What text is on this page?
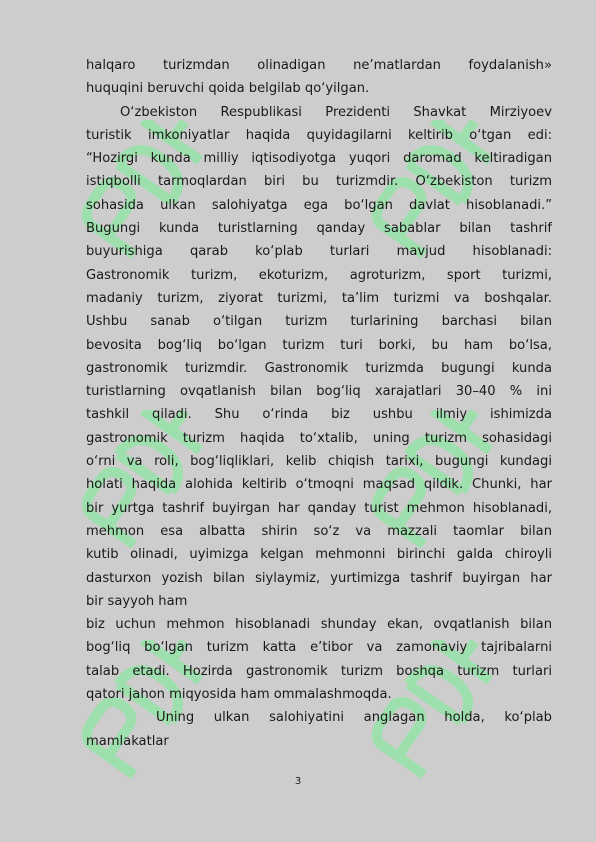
halqaro turizmdan olinadigan ne’matlardan foydalanish»
huquqini beruvchi qoida belgilab qo‘yilgan.
O‘zbekiston Respublikasi Prezidenti Shavkat Mirziyoev
turistik imkoniyatlar haqida quyidagilarni keltirib o‘tgan edi:
“Hozirgi kunda milliy iqtisodiyotga yuqori daromad keltiradigan
istiqbolli tarmoqlardan biri bu turizmdir. O‘zbekiston turizm
sohasida ulkan salohiyatga ega bo‘lgan davlat hisoblanadi.”
Bugungi kunda turistlarning qanday sabablar bilan tashrif
buyurishiga qarab ko‘plab turlari mavjud hisoblanadi:
Gastronomik turizm, ekoturizm, agroturizm, sport turizmi,
madaniy turizm, ziyorat turizmi, ta’lim turizmi va boshqalar.
Ushbu sanab o‘tilgan turizm turlarining barchasi bilan
bevosita bog‘liq bo‘lgan turizm turi borki, bu ham bo‘lsa,
gastronomik turizmdir. Gastronomik turizmda bugungi kunda
turistlarning ovqatlanish bilan bog‘liq xarajatlari 30–40 % ini
tashkil qiladi. Shu o‘rinda biz ushbu ilmiy ishimizda
gastronomik turizm haqida to‘xtalib, uning turizm sohasidagi
o‘rni va roli, bog‘liqliklari, kelib chiqish tarixi, bugungi kundagi
holati haqida alohida keltirib o‘tmoqni maqsad qildik. Chunki, har
bir yurtga tashrif buyirgan har qanday turist mehmon hisoblanadi,
mehmon esa albatta shirin so‘z va mazzali taomlar bilan
kutib olinadi, uyimizga kelgan mehmonni birinchi galda chiroyli
dasturxon yozish bilan siylaymiz, yurtimizga tashrif buyirgan har
bir sayyoh ham
biz uchun mehmon hisoblanadi shunday ekan, ovqatlanish bilan
bog‘liq bo‘lgan turizm katta e’tibor va zamonaviy tajribalarni
talab etadi. Hozirda gastronomik turizm boshqa turizm turlari
qatori jahon miqyosida ham ommalashmoqda.
Uning ulkan salohiyatini anglagan holda, ko‘plab
mamlakatlar
3
